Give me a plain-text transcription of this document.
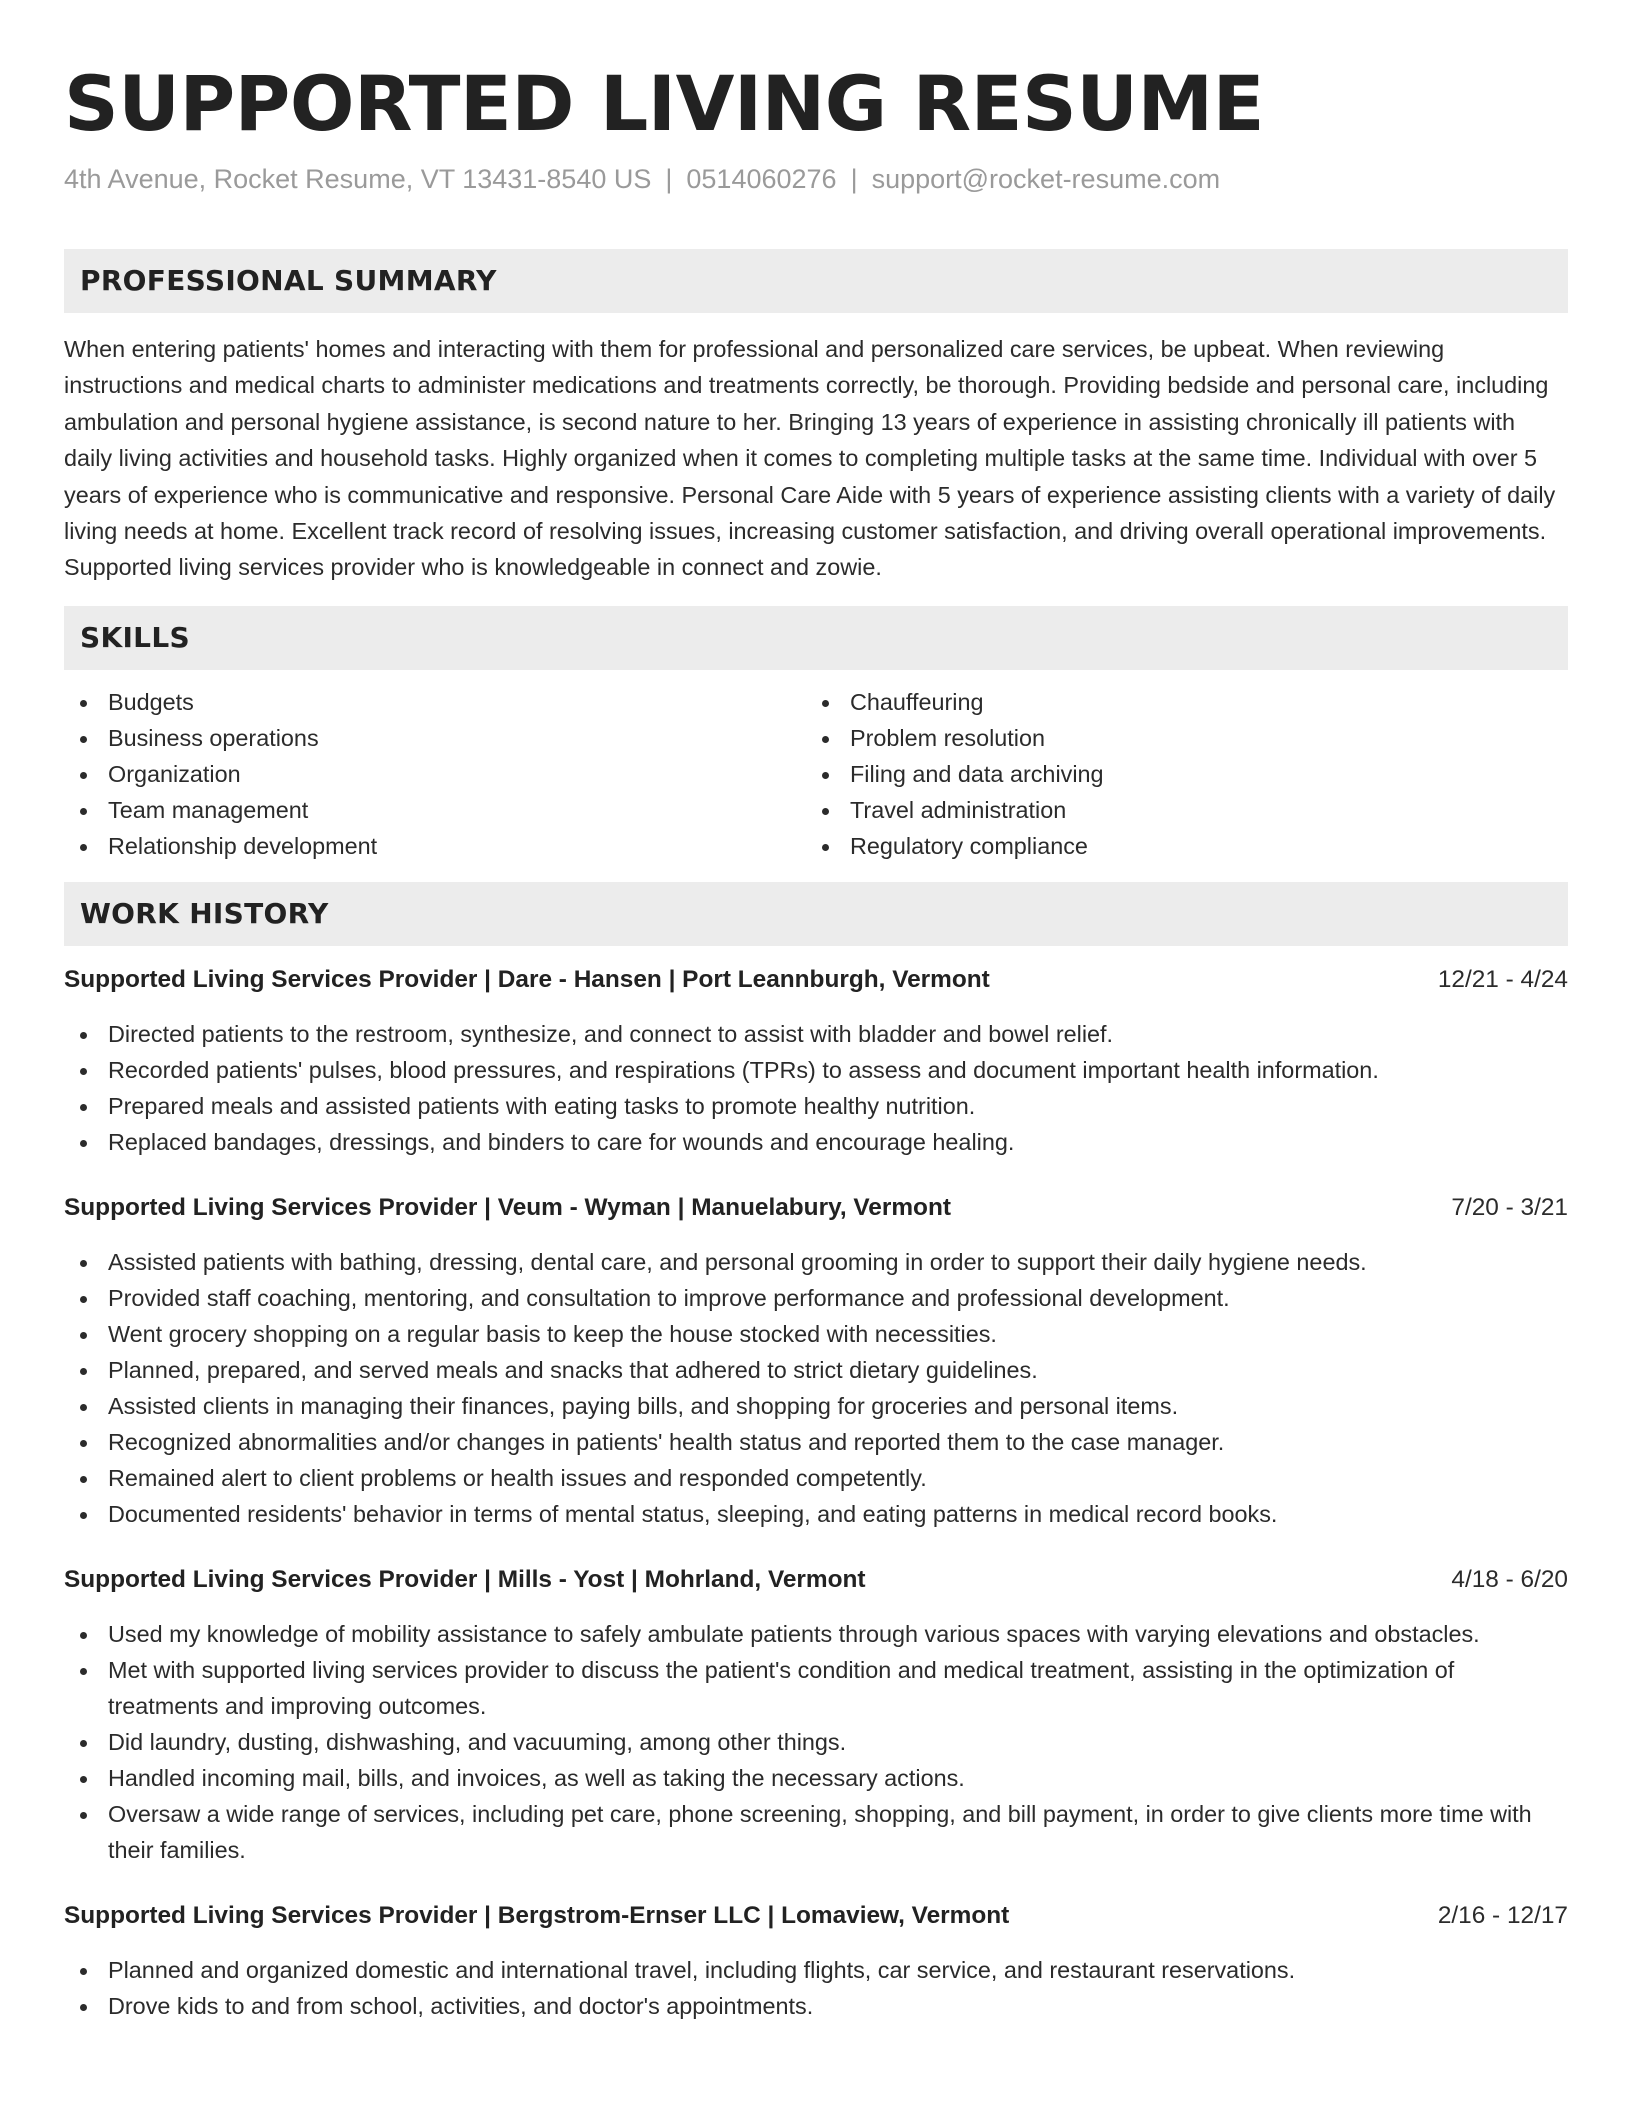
SUPPORTED LIVING RESUME
4th Avenue, Rocket Resume, VT 13431-8540 US | 0514060276 | support@rocket-resume.com
PROFESSIONAL SUMMARY

When entering patients' homes and interacting with them for professional and personalized care services, be upbeat. When reviewing instructions and medical charts to administer medications and treatments correctly, be thorough. Providing bedside and personal care, including ambulation and personal hygiene assistance, is second nature to her. Bringing 13 years of experience in assisting chronically ill patients with daily living activities and household tasks. Highly organized when it comes to completing multiple tasks at the same time. Individual with over 5 years of experience who is communicative and responsive. Personal Care Aide with 5 years of experience assisting clients with a variety of daily living needs at home. Excellent track record of resolving issues, increasing customer satisfaction, and driving overall operational improvements. Supported living services provider who is knowledgeable in connect and zowie.

SKILLS
Budgets
Business operations
Organization
Team management
Relationship development
Chauffeuring
Problem resolution
Filing and data archiving
Travel administration
Regulatory compliance
WORK HISTORY
Supported Living Services Provider | Dare - Hansen | Port Leannburgh, Vermont	12/21 - 4/24
Directed patients to the restroom, synthesize, and connect to assist with bladder and bowel relief.
Recorded patients' pulses, blood pressures, and respirations (TPRs) to assess and document important health information.
Prepared meals and assisted patients with eating tasks to promote healthy nutrition.
Replaced bandages, dressings, and binders to care for wounds and encourage healing.
Supported Living Services Provider | Veum - Wyman | Manuelabury, Vermont	7/20 - 3/21
Assisted patients with bathing, dressing, dental care, and personal grooming in order to support their daily hygiene needs.
Provided staff coaching, mentoring, and consultation to improve performance and professional development.
Went grocery shopping on a regular basis to keep the house stocked with necessities.
Planned, prepared, and served meals and snacks that adhered to strict dietary guidelines.
Assisted clients in managing their finances, paying bills, and shopping for groceries and personal items.
Recognized abnormalities and/or changes in patients' health status and reported them to the case manager.
Remained alert to client problems or health issues and responded competently.
Documented residents' behavior in terms of mental status, sleeping, and eating patterns in medical record books.
Supported Living Services Provider | Mills - Yost | Mohrland, Vermont	4/18 - 6/20
Used my knowledge of mobility assistance to safely ambulate patients through various spaces with varying elevations and obstacles.
Met with supported living services provider to discuss the patient's condition and medical treatment, assisting in the optimization of treatments and improving outcomes.
Did laundry, dusting, dishwashing, and vacuuming, among other things.
Handled incoming mail, bills, and invoices, as well as taking the necessary actions.
Oversaw a wide range of services, including pet care, phone screening, shopping, and bill payment, in order to give clients more time with their families.
Supported Living Services Provider | Bergstrom-Ernser LLC | Lomaview, Vermont	2/16 - 12/17
Planned and organized domestic and international travel, including flights, car service, and restaurant reservations.
Drove kids to and from school, activities, and doctor's appointments.
